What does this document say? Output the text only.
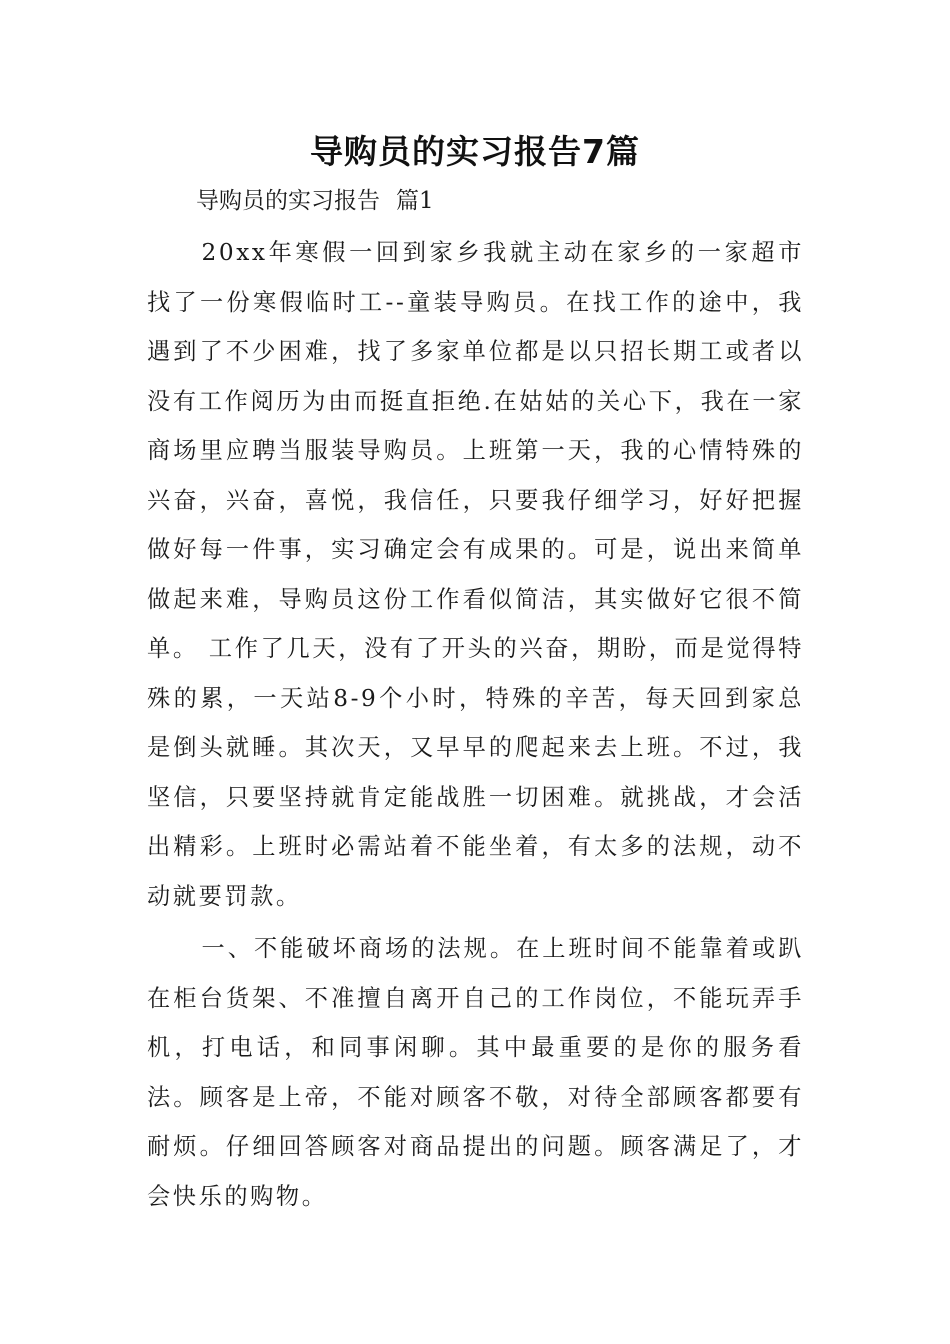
导购员的实习报告7篇
导购员的实习报告 篇1

20xx年寒假一回到家乡我就主动在家乡的一家超市找了一份寒假临时工--童装导购员。在找工作的途中，我遇到了不少困难，找了多家单位都是以只招长期工或者以没有工作阅历为由而挺直拒绝.在姑姑的关心下，我在一家商场里应聘当服装导购员。上班第一天，我的心情特殊的兴奋，兴奋，喜悦，我信任，只要我仔细学习，好好把握做好每一件事，实习确定会有成果的。可是，说出来简单做起来难，导购员这份工作看似简洁，其实做好它很不简单。 工作了几天，没有了开头的兴奋，期盼，而是觉得特殊的累，一天站8-9个小时，特殊的辛苦，每天回到家总是倒头就睡。其次天，又早早的爬起来去上班。不过，我坚信，只要坚持就肯定能战胜一切困难。就挑战，才会活出精彩。上班时必需站着不能坐着，有太多的法规，动不动就要罚款。

一、不能破坏商场的法规。在上班时间不能靠着或趴在柜台货架、不准擅自离开自己的工作岗位，不能玩弄手机，打电话，和同事闲聊。其中最重要的是你的服务看法。顾客是上帝，不能对顾客不敬，对待全部顾客都要有耐烦。仔细回答顾客对商品提出的问题。顾客满足了，才会快乐的购物。
